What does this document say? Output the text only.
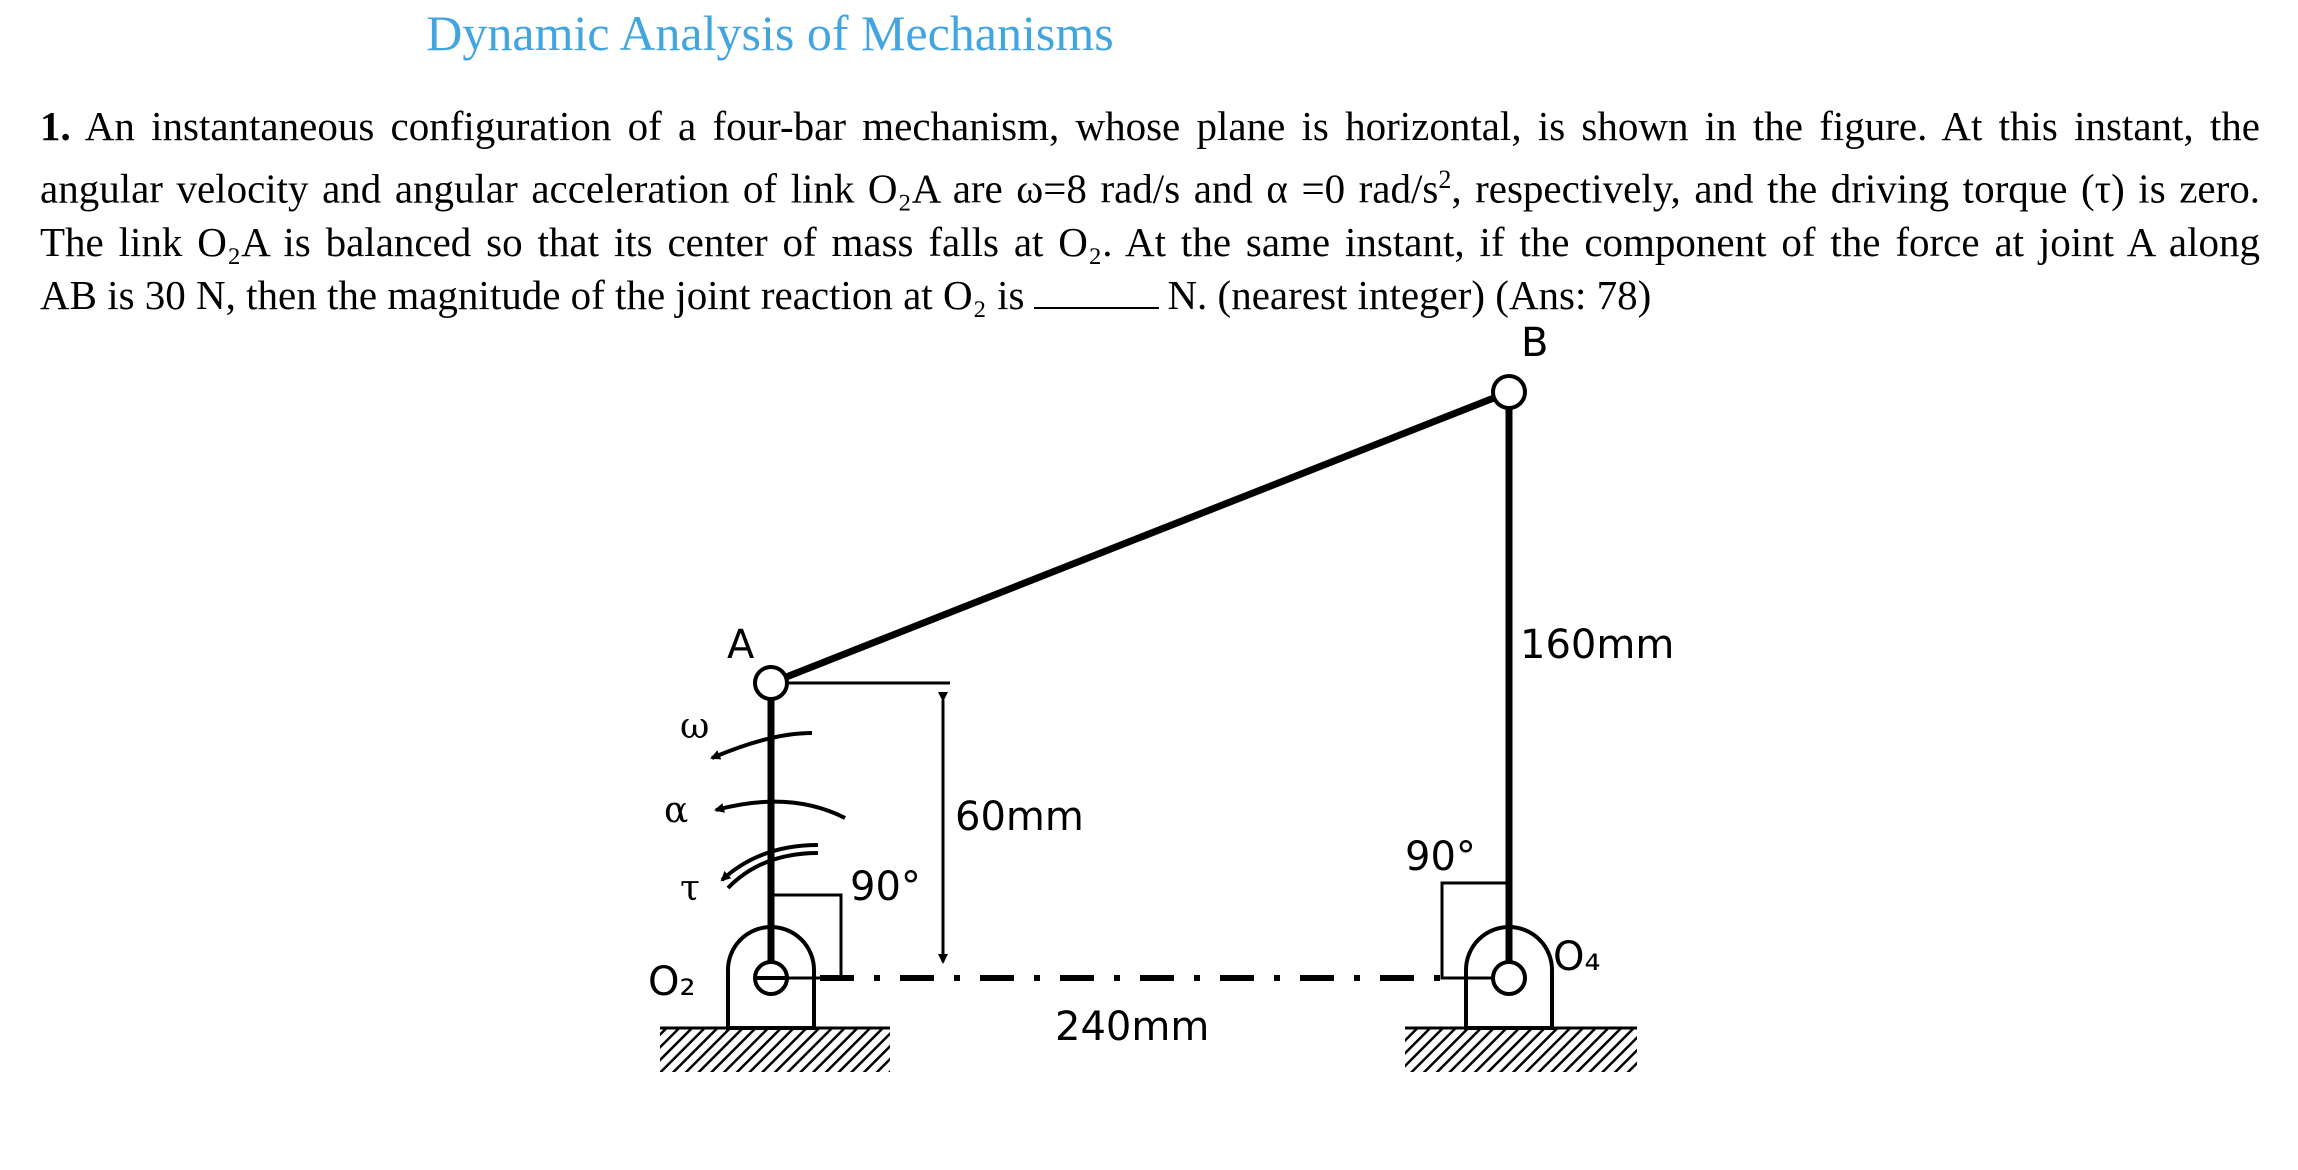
Dynamic Analysis of Mechanisms
1. An instantaneous configuration of a four-bar mechanism, whose plane is horizontal, is shown in the figure. At this instant, the
angular velocity and angular acceleration of link O₂A are ω=8 rad/s and α =0 rad/$s^2$, respectively, and the driving torque (τ) is zero.
The link O₂A is balanced so that its center of mass falls at O₂. At the same instant, if the component of the force at joint A along
AB is 30 N, then the magnitude of the joint reaction at O₂ is	N. (nearest integer) (Ans: 78)
A
B
O₂
O₄
ω
α
τ	90°
90°
60mm
160mm
240mm
